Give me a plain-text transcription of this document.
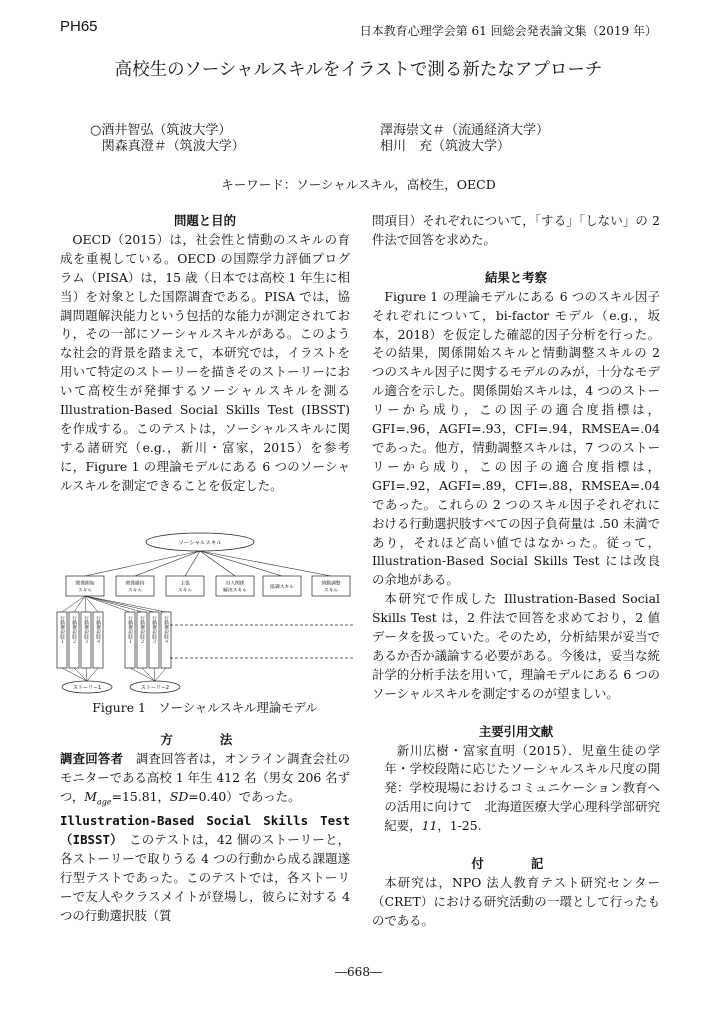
PH65	日本教育心理学会第 61 回総会発表論文集（2019 年）
高校生のソーシャルスキルをイラストで測る新たなアプローチ
○酒井智弘（筑波大学）
関森真澄＃（筑波大学）
澤海崇文＃（流通経済大学）
相川　充（筑波大学）
キーワード：ソーシャルスキル，高校生，OECD
問題と目的

OECD（2015）は，社会性と情動のスキルの育成を重視している。OECD の国際学力評価プログラム（PISA）は，15 歳（日本では高校 1 年生に相当）を対象とした国際調査である。PISA では，協調問題解決能力という包括的な能力が測定されており，その一部にソーシャルスキルがある。このような社会的背景を踏まえて，本研究では，イラストを用いて特定のストーリーを描きそのストーリーにおいて高校生が発揮するソーシャルスキルを測る Illustration-Based Social Skills Test (IBSST) を作成する。このテストは，ソーシャルスキルに関する諸研究（e.g.，新川・富家，2015）を参考に，Figure 1 の理論モデルにある 6 つのソーシャルスキルを測定できることを仮定した。

ソーシャルスキル
関係開始
スキル
関係維持
スキル
主張
スキル
対人関係
解決スキル
協調スキル
情動調整
スキル
行動選択肢１ 行動選択肢２ 行動選択肢３ 行動選択肢４	行動選択肢１ 行動選択肢２ 行動選択肢３ 行動選択肢４
ストーリー1	ストーリー2
Figure 1　ソーシャルスキル理論モデル
方　法

調査回答者　調査回答者は，オンライン調査会社のモニターである高校 1 年生 412 名（男女 206 名ずつ，$M_{age}=15.81$，SD=0.40）であった。

Illustration-Based Social Skills Test（IBSST）　このテストは，42 個のストーリーと，各ストーリーで取りうる 4 つの行動から成る課題遂行型テストであった。このテストでは，各ストーリーで友人やクラスメイトが登場し，彼らに対する 4 つの行動選択肢（質

問項目）それぞれについて，「する」「しない」の 2 件法で回答を求めた。

結果と考察

Figure 1 の理論モデルにある 6 つのスキル因子それぞれについて，bi-factor モデル（e.g.，坂本，2018）を仮定した確認的因子分析を行った。その結果，関係開始スキルと情動調整スキルの 2 つのスキル因子に関するモデルのみが，十分なモデル適合を示した。関係開始スキルは，4 つのストーリーから成り，この因子の適合度指標は，GFI=.96，AGFI=.93，CFI=.94，RMSEA=.04 であった。他方，情動調整スキルは，7 つのストーリーから成り，この因子の適合度指標は，GFI=.92，AGFI=.89，CFI=.88，RMSEA=.04 であった。これらの 2 つのスキル因子それぞれにおける行動選択肢すべての因子負荷量は .50 未満であり，それほど高い値ではなかった。従って，Illustration-Based Social Skills Test には改良の余地がある。

本研究で作成した Illustration-Based Social Skills Test は，2 件法で回答を求めており，2 値データを扱っていた。そのため，分析結果が妥当であるか否か議論する必要がある。今後は，妥当な統計学的分析手法を用いて，理論モデルにある 6 つのソーシャルスキルを測定するのが望ましい。

主要引用文献

新川広樹・富家直明（2015）．児童生徒の学年・学校段階に応じたソーシャルスキル尺度の開発：学校現場におけるコミュニケーション教育への活用に向けて　北海道医療大学心理科学部研究紀要，11，1-25.

付　記

本研究は，NPO 法人教育テスト研究センター（CRET）における研究活動の一環として行ったものである。

―668―
